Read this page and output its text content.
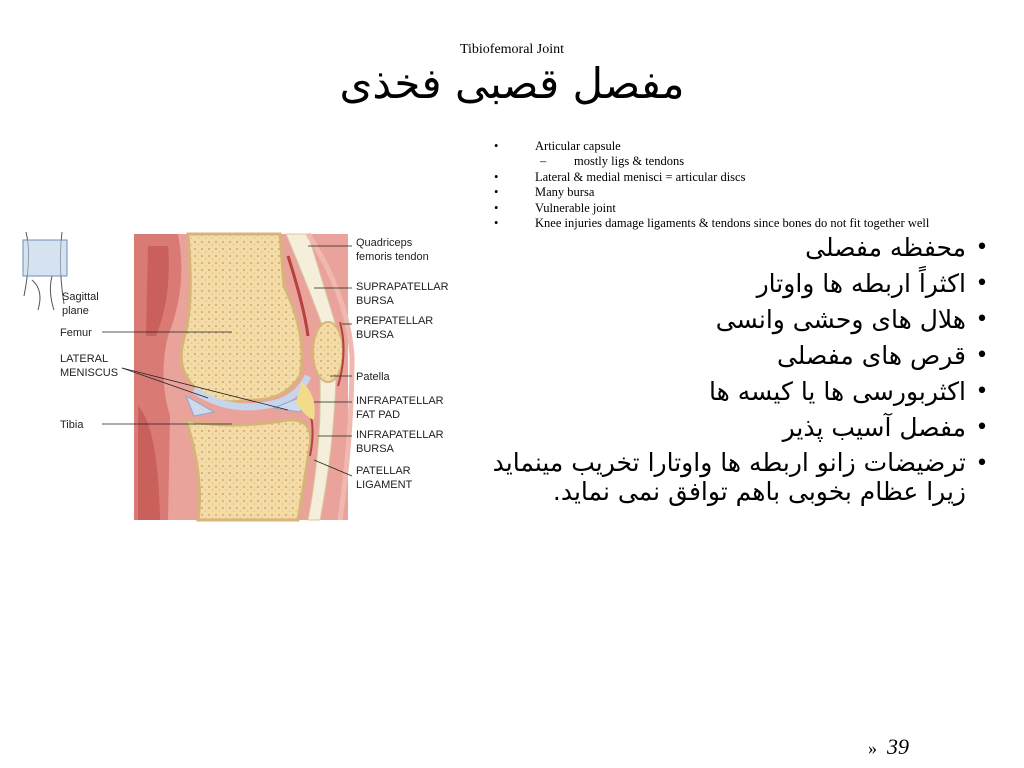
Tibiofemoral Joint
مفصل قصبی فخذی
•	Articular capsule
–	mostly ligs & tendons
•	Lateral & medial menisci = articular discs
•	Many bursa
•	Vulnerable joint
•	Knee injuries damage ligaments & tendons since bones do not fit together well
•
محفظه مفصلی
•
اکثراً اربطه ها واوتار
•
هلال های وحشی وانسی
•
قرص های مفصلی
•
اکثربورسی ها یا کیسه ها
•
مفصل آسیب پذیر
•
ترضیضات زانو اربطه ها واوتارا تخریب مینماید زیرا عظام بخوبی باهم توافق نمی نماید.
Sagittal
plane
Femur
LATERAL
MENISCUS
Tibia
Quadriceps
femoris tendon
SUPRAPATELLAR
BURSA
PREPATELLAR
BURSA
Patella
INFRAPATELLAR
FAT PAD
INFRAPATELLAR
BURSA
PATELLAR
LIGAMENT
» 39
